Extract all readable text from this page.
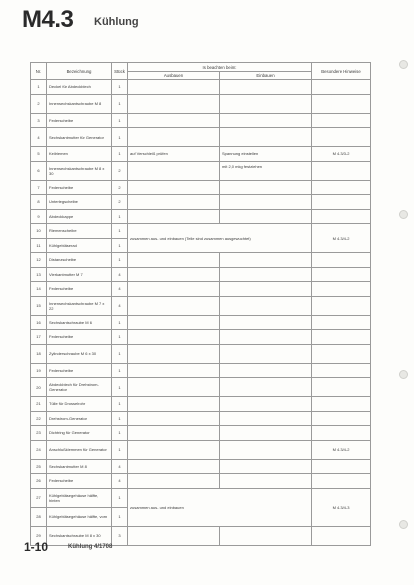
M4.3 Kühlung
Nr.	Bezeichnung	Stück	Is beachten beim:		Besondere Hinweise
			Ausbauen	Einbauen	
1	Deckel für Abdeckblech	1			
2	Innensechskantschraube M 8	1			
3	Federscheibe	1			
4	Sechskantmutter für Generator	1			
5	Keilriemen	1	auf Verschleiß prüfen	Spannung einstellen	M 4.3/3-2
6	Innensechskantschraube M 8 x 30	2		mit 2,0 mkg festziehen	
7	Federscheibe	2			
8	Unterlegscheibe	2			
9	Abdeckkappe	1			
10	Riemenscheibe	1	zusammen aus- und einbauen (Teile sind zusammen ausgewuchtet)		M 4.3/4-2
11	Kühlgebläserad	1			
12	Distanzscheibe	1			
13	Vierkantmutter M 7	4			
14	Federscheibe	4			
15	Innensechskantschraube M 7 x 22	4			
16	Sechskantschraube M 6	1			
17	Federscheibe	1			
18	Zylinderschraube M 6 x 30	1			
19	Federscheibe	1			
20	Abdeckblech für Drehstrom-Generator	1			
21	Tülle für Drosselrohr	1			
22	Drehstrom-Generator	1			
23	Dichtring für Generator	1			
24	Anschlußklemmen für Generator	1			M 4.3/4-2
25	Sechskantmutter M 8	4			
26	Federscheibe	4			
27	Kühlgebläsegehäuse hälfte, hinten	1	zusammen aus- und einbauen		M 4.3/4-3
28	Kühlgebläsegehäuse hälfte, vorn	1			
29	Sechskantschraube M 8 x 30	3			
1-10	Kühlung 4/1708
